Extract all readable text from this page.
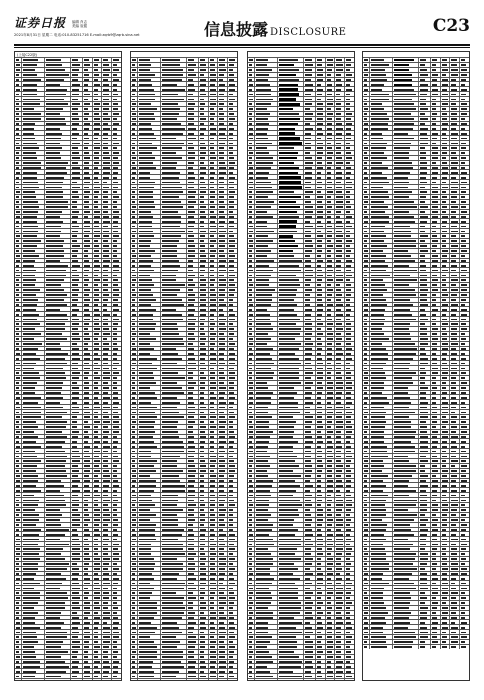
证券日报 编辑 肖志
美编 崔健
2021年8月31日 星期二 电话:010-83251716 E-mail:zqrb9@zqrb.sina.net	信息披露 DISCLOSURE	C23
(上接C22版)
